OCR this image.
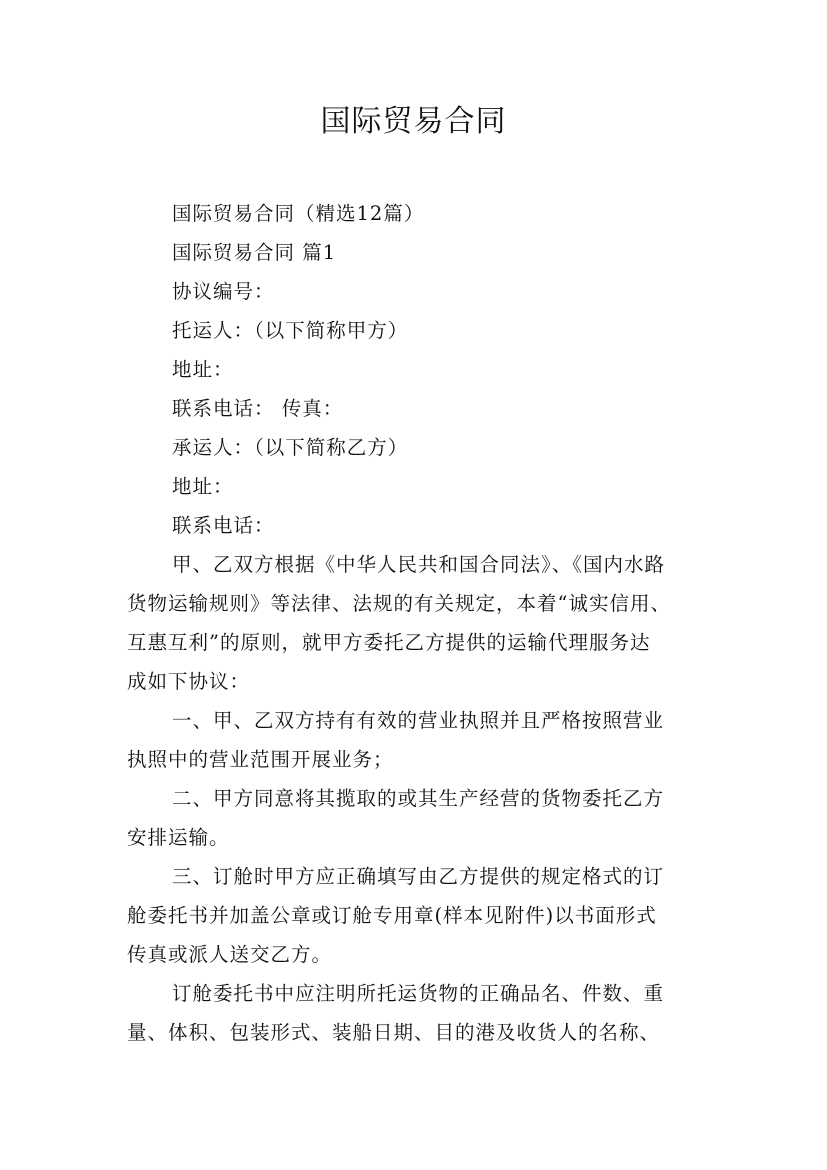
国际贸易合同
国际贸易合同（精选12篇）
国际贸易合同 篇1
协议编号：
托运人：（以下简称甲方）
地址：
联系电话： 传真：
承运人：（以下简称乙方）
地址：
联系电话：
甲、乙双方根据《中华人民共和国合同法》、《国内水路
货物运输规则》等法律、法规的有关规定，本着“诚实信用、
互惠互利”的原则，就甲方委托乙方提供的运输代理服务达
成如下协议：
一、甲、乙双方持有有效的营业执照并且严格按照营业
执照中的营业范围开展业务；
二、甲方同意将其揽取的或其生产经营的货物委托乙方
安排运输。
三、订舱时甲方应正确填写由乙方提供的规定格式的订
舱委托书并加盖公章或订舱专用章(样本见附件)以书面形式
传真或派人送交乙方。
订舱委托书中应注明所托运货物的正确品名、件数、重
量、体积、包装形式、装船日期、目的港及收货人的名称、
